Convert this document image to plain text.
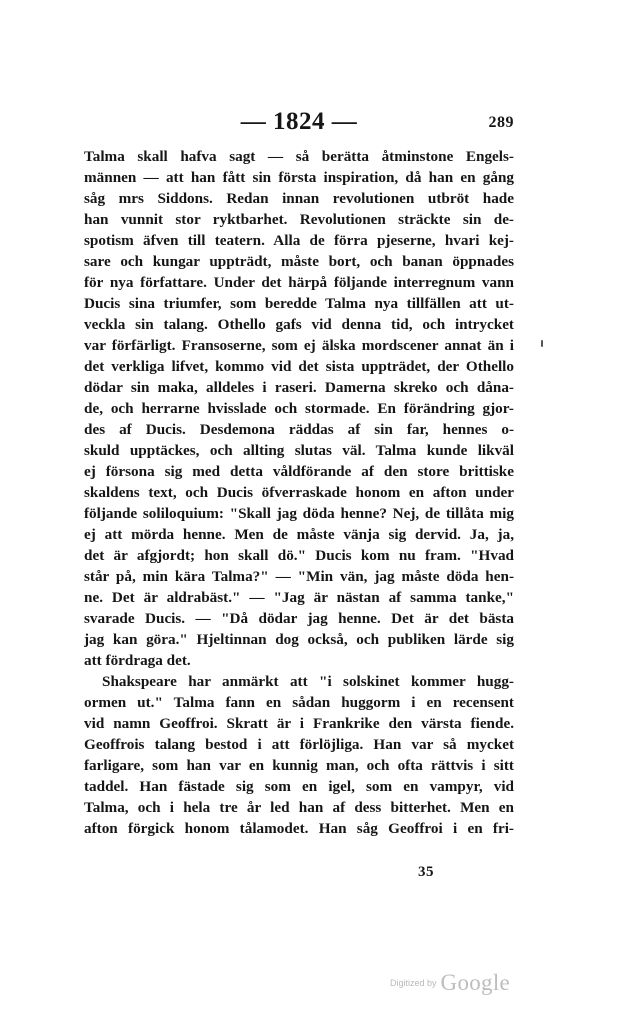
— 1824 —	289
Talma skall hafva sagt — så berätta åtminstone Engels-
männen — att han fått sin första inspiration, då han en gång
såg mrs Siddons. Redan innan revolutionen utbröt hade
han vunnit stor ryktbarhet. Revolutionen sträckte sin de-
spotism äfven till teatern. Alla de förra pjeserne, hvari kej-
sare och kungar uppträdt, måste bort, och banan öppnades
för nya författare. Under det härpå följande interregnum vann
Ducis sina triumfer, som beredde Talma nya tillfällen att ut-
veckla sin talang. Othello gafs vid denna tid, och intrycket
var förfärligt. Fransoserne, som ej älska mordscener annat än i
det verkliga lifvet, kommo vid det sista uppträdet, der Othello
dödar sin maka, alldeles i raseri. Damerna skreko och dåna-
de, och herrarne hvisslade och stormade. En förändring gjor-
des af Ducis. Desdemona räddas af sin far, hennes o-
skuld upptäckes, och allting slutas väl. Talma kunde likväl
ej försona sig med detta våldförande af den store brittiske
skaldens text, och Ducis öfverraskade honom en afton under
följande soliloquium: "Skall jag döda henne? Nej, de tillåta mig
ej att mörda henne. Men de måste vänja sig dervid. Ja, ja,
det är afgjordt; hon skall dö." Ducis kom nu fram. "Hvad
står på, min kära Talma?" — "Min vän, jag måste döda hen-
ne. Det är aldrabäst." — "Jag är nästan af samma tanke,"
svarade Ducis. — "Då dödar jag henne. Det är det bästa
jag kan göra." Hjeltinnan dog också, och publiken lärde sig
att fördraga det.
Shakspeare har anmärkt att "i solskinet kommer hugg-
ormen ut." Talma fann en sådan huggorm i en recensent
vid namn Geoffroi. Skratt är i Frankrike den värsta fiende.
Geoffrois talang bestod i att förlöjliga. Han var så mycket
farligare, som han var en kunnig man, och ofta rättvis i sitt
taddel. Han fästade sig som en igel, som en vampyr, vid
Talma, och i hela tre år led han af dess bitterhet. Men en
afton förgick honom tålamodet. Han såg Geoffroi i en fri-
35
Digitized by Google
